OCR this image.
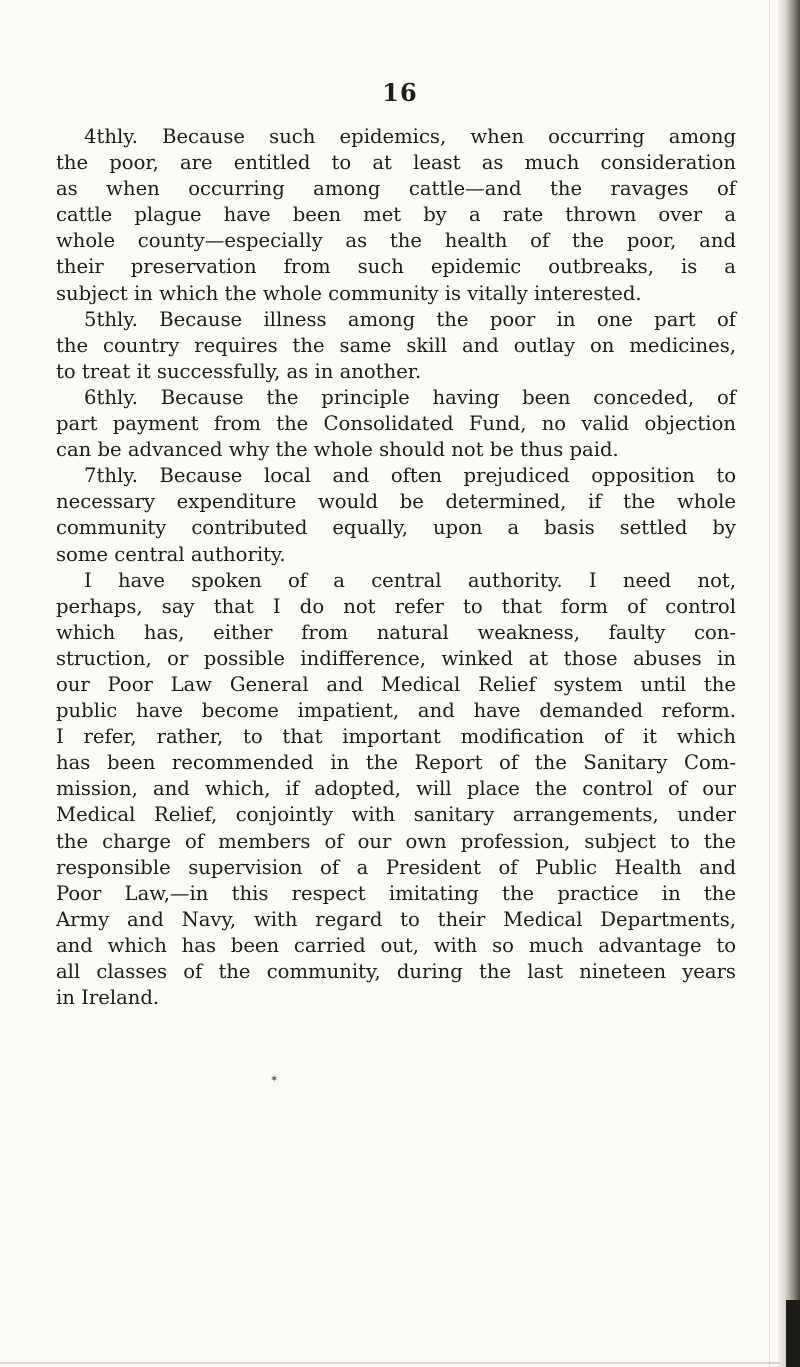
16
4thly. Because such epidemics, when occurring among
the poor, are entitled to at least as much consideration
as when occurring among cattle—and the ravages of
cattle plague have been met by a rate thrown over a
whole county—especially as the health of the poor, and
their preservation from such epidemic outbreaks, is a
subject in which the whole community is vitally interested.
5thly. Because illness among the poor in one part of
the country requires the same skill and outlay on medicines,
to treat it successfully, as in another.
6thly. Because the principle having been conceded, of
part payment from the Consolidated Fund, no valid objection
can be advanced why the whole should not be thus paid.
7thly. Because local and often prejudiced opposition to
necessary expenditure would be determined, if the whole
community contributed equally, upon a basis settled by
some central authority.
I have spoken of a central authority. I need not,
perhaps, say that I do not refer to that form of control
which has, either from natural weakness, faulty con-
struction, or possible indifference, winked at those abuses in
our Poor Law General and Medical Relief system until the
public have become impatient, and have demanded reform.
I refer, rather, to that important modification of it which
has been recommended in the Report of the Sanitary Com-
mission, and which, if adopted, will place the control of our
Medical Relief, conjointly with sanitary arrangements, under
the charge of members of our own profession, subject to the
responsible supervision of a President of Public Health and
Poor Law,—in this respect imitating the practice in the
Army and Navy, with regard to their Medical Departments,
and which has been carried out, with so much advantage to
all classes of the community, during the last nineteen years
in Ireland.
✶
